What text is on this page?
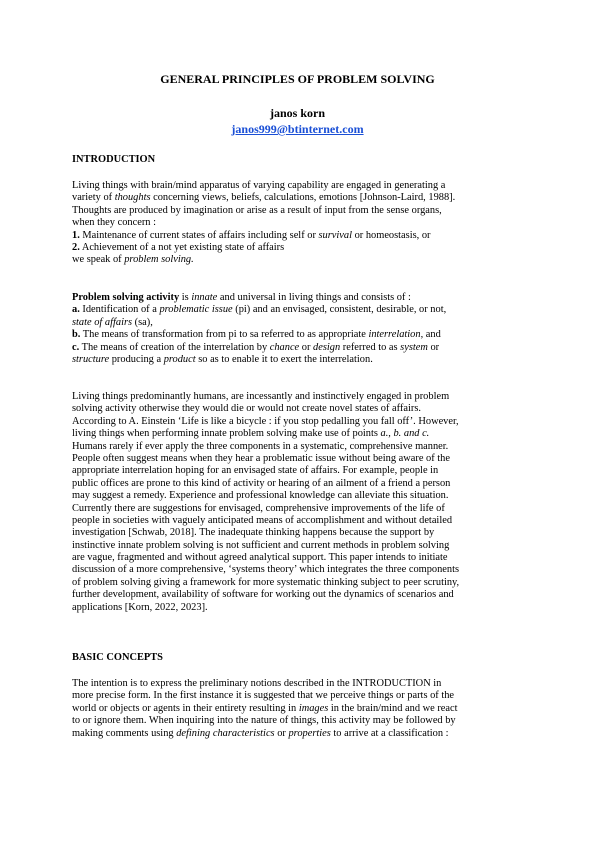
GENERAL PRINCIPLES OF PROBLEM SOLVING
janos korn
janos999@btinternet.com
INTRODUCTION
Living things with brain/mind apparatus of varying capability are engaged in generating a
variety of thoughts concerning views, beliefs, calculations, emotions [Johnson-Laird, 1988].
Thoughts are produced by imagination or arise as a result of input from the sense organs,
when they concern :
1. Maintenance of current states of affairs including self or survival or homeostasis, or
2. Achievement of a not yet existing state of affairs
we speak of problem solving.
Problem solving activity is innate and universal in living things and consists of :
a. Identification of a problematic issue (pi) and an envisaged, consistent, desirable, or not,
state of affairs (sa),
b. The means of transformation from pi to sa referred to as appropriate interrelation, and
c. The means of creation of the interrelation by chance or design referred to as system or
structure producing a product so as to enable it to exert the interrelation.
Living things predominantly humans, are incessantly and instinctively engaged in problem
solving activity otherwise they would die or would not create novel states of affairs.
According to A. Einstein ‘Life is like a bicycle : if you stop pedalling you fall off’. However,
living things when performing innate problem solving make use of points a., b. and c.
Humans rarely if ever apply the three components in a systematic, comprehensive manner.
People often suggest means when they hear a problematic issue without being aware of the
appropriate interrelation hoping for an envisaged state of affairs. For example, people in
public offices are prone to this kind of activity or hearing of an ailment of a friend a person
may suggest a remedy. Experience and professional knowledge can alleviate this situation.
Currently there are suggestions for envisaged, comprehensive improvements of the life of
people in societies with vaguely anticipated means of accomplishment and without detailed
investigation [Schwab, 2018]. The inadequate thinking happens because the support by
instinctive innate problem solving is not sufficient and current methods in problem solving
are vague, fragmented and without agreed analytical support. This paper intends to initiate
discussion of a more comprehensive, ‘systems theory’ which integrates the three components
of problem solving giving a framework for more systematic thinking subject to peer scrutiny,
further development, availability of software for working out the dynamics of scenarios and
applications [Korn, 2022, 2023].
BASIC CONCEPTS
The intention is to express the preliminary notions described in the INTRODUCTION in
more precise form. In the first instance it is suggested that we perceive things or parts of the
world or objects or agents in their entirety resulting in images in the brain/mind and we react
to or ignore them. When inquiring into the nature of things, this activity may be followed by
making comments using defining characteristics or properties to arrive at a classification :
